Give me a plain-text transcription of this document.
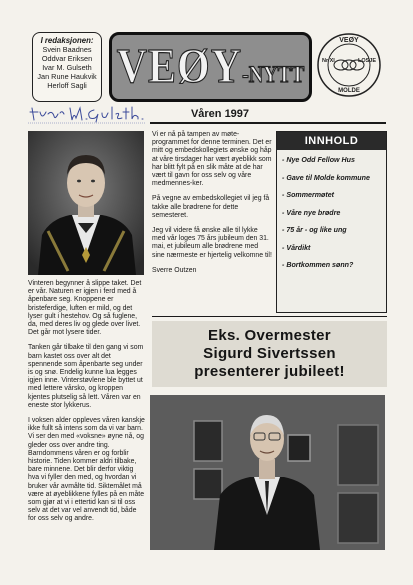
I redaksjonen:
Svein Baadnes
Oddvar Eriksen
Ivar M. Gulseth
Jan Rune Haukvik
Herloff Sagli VEØY-NYTT
VEØY
Nr XI	LOSJE
MOLDE
Våren 1997

Vi er nå på tampen av møte-programmet for denne terminen. Det er mitt og embedskollegiets ønske og håp at våre tirsdager har vært øyeblikk som har blitt fylt på en slik måte at de har vært til gavn for oss selv og våre medmennes-ker.

På vegne av embedskollegiet vil jeg få takke alle brødrene for dette semesteret.

Jeg vil videre få ønske alle til lykke med vår loges 75 års jubileum den 31. mai, et jubileum alle brødrene med sine nærmeste er hjertelig velkomne til!

Sverre Outzen

INNHOLD
- Nye Odd Fellow Hus
- Gave til Molde kommune
- Sommermøtet
- Våre nye brødre
- 75 år - og like ung
- Vårdikt
- Bortkommen sønn?

Vinteren begynner å slippe taket. Det er vår. Naturen er igjen i ferd med å åpenbare seg. Knoppene er bristeferdige, luften er mild, og det lyser gult i hestehov. Og så fuglene, da, med deres liv og glede over livet. Det går mot lysere tider.

Tanken går tilbake til den gang vi som barn kastet oss over alt det spennende som åpenbarte seg under is og snø. Endelig kunne lua legges igjen inne. Vinterstøvlene ble byttet ut med lettere vårsko, og kroppen kjentes plutselig så lett. Våren var en eneste stor lykkerus.

I voksen alder oppleves våren kanskje ikke fullt så intens som da vi var barn. Vi ser den med «voksne» øyne nå, og gleder oss over andre ting. Barndommens våren er og forblir historie. Tiden kommer aldri tilbake, bare minnene. Det blir derfor viktig hva vi fyller den med, og hvordan vi bruker vår avmålte tid. Siktemålet må være at øyeblikkene fylles på en måte som gjør at vi i ettertid kan si til oss selv at det var vel anvendt tid, både for oss selv og andre.

Eks. Overmester
Sigurd Sivertssen
presenterer jubileet!
